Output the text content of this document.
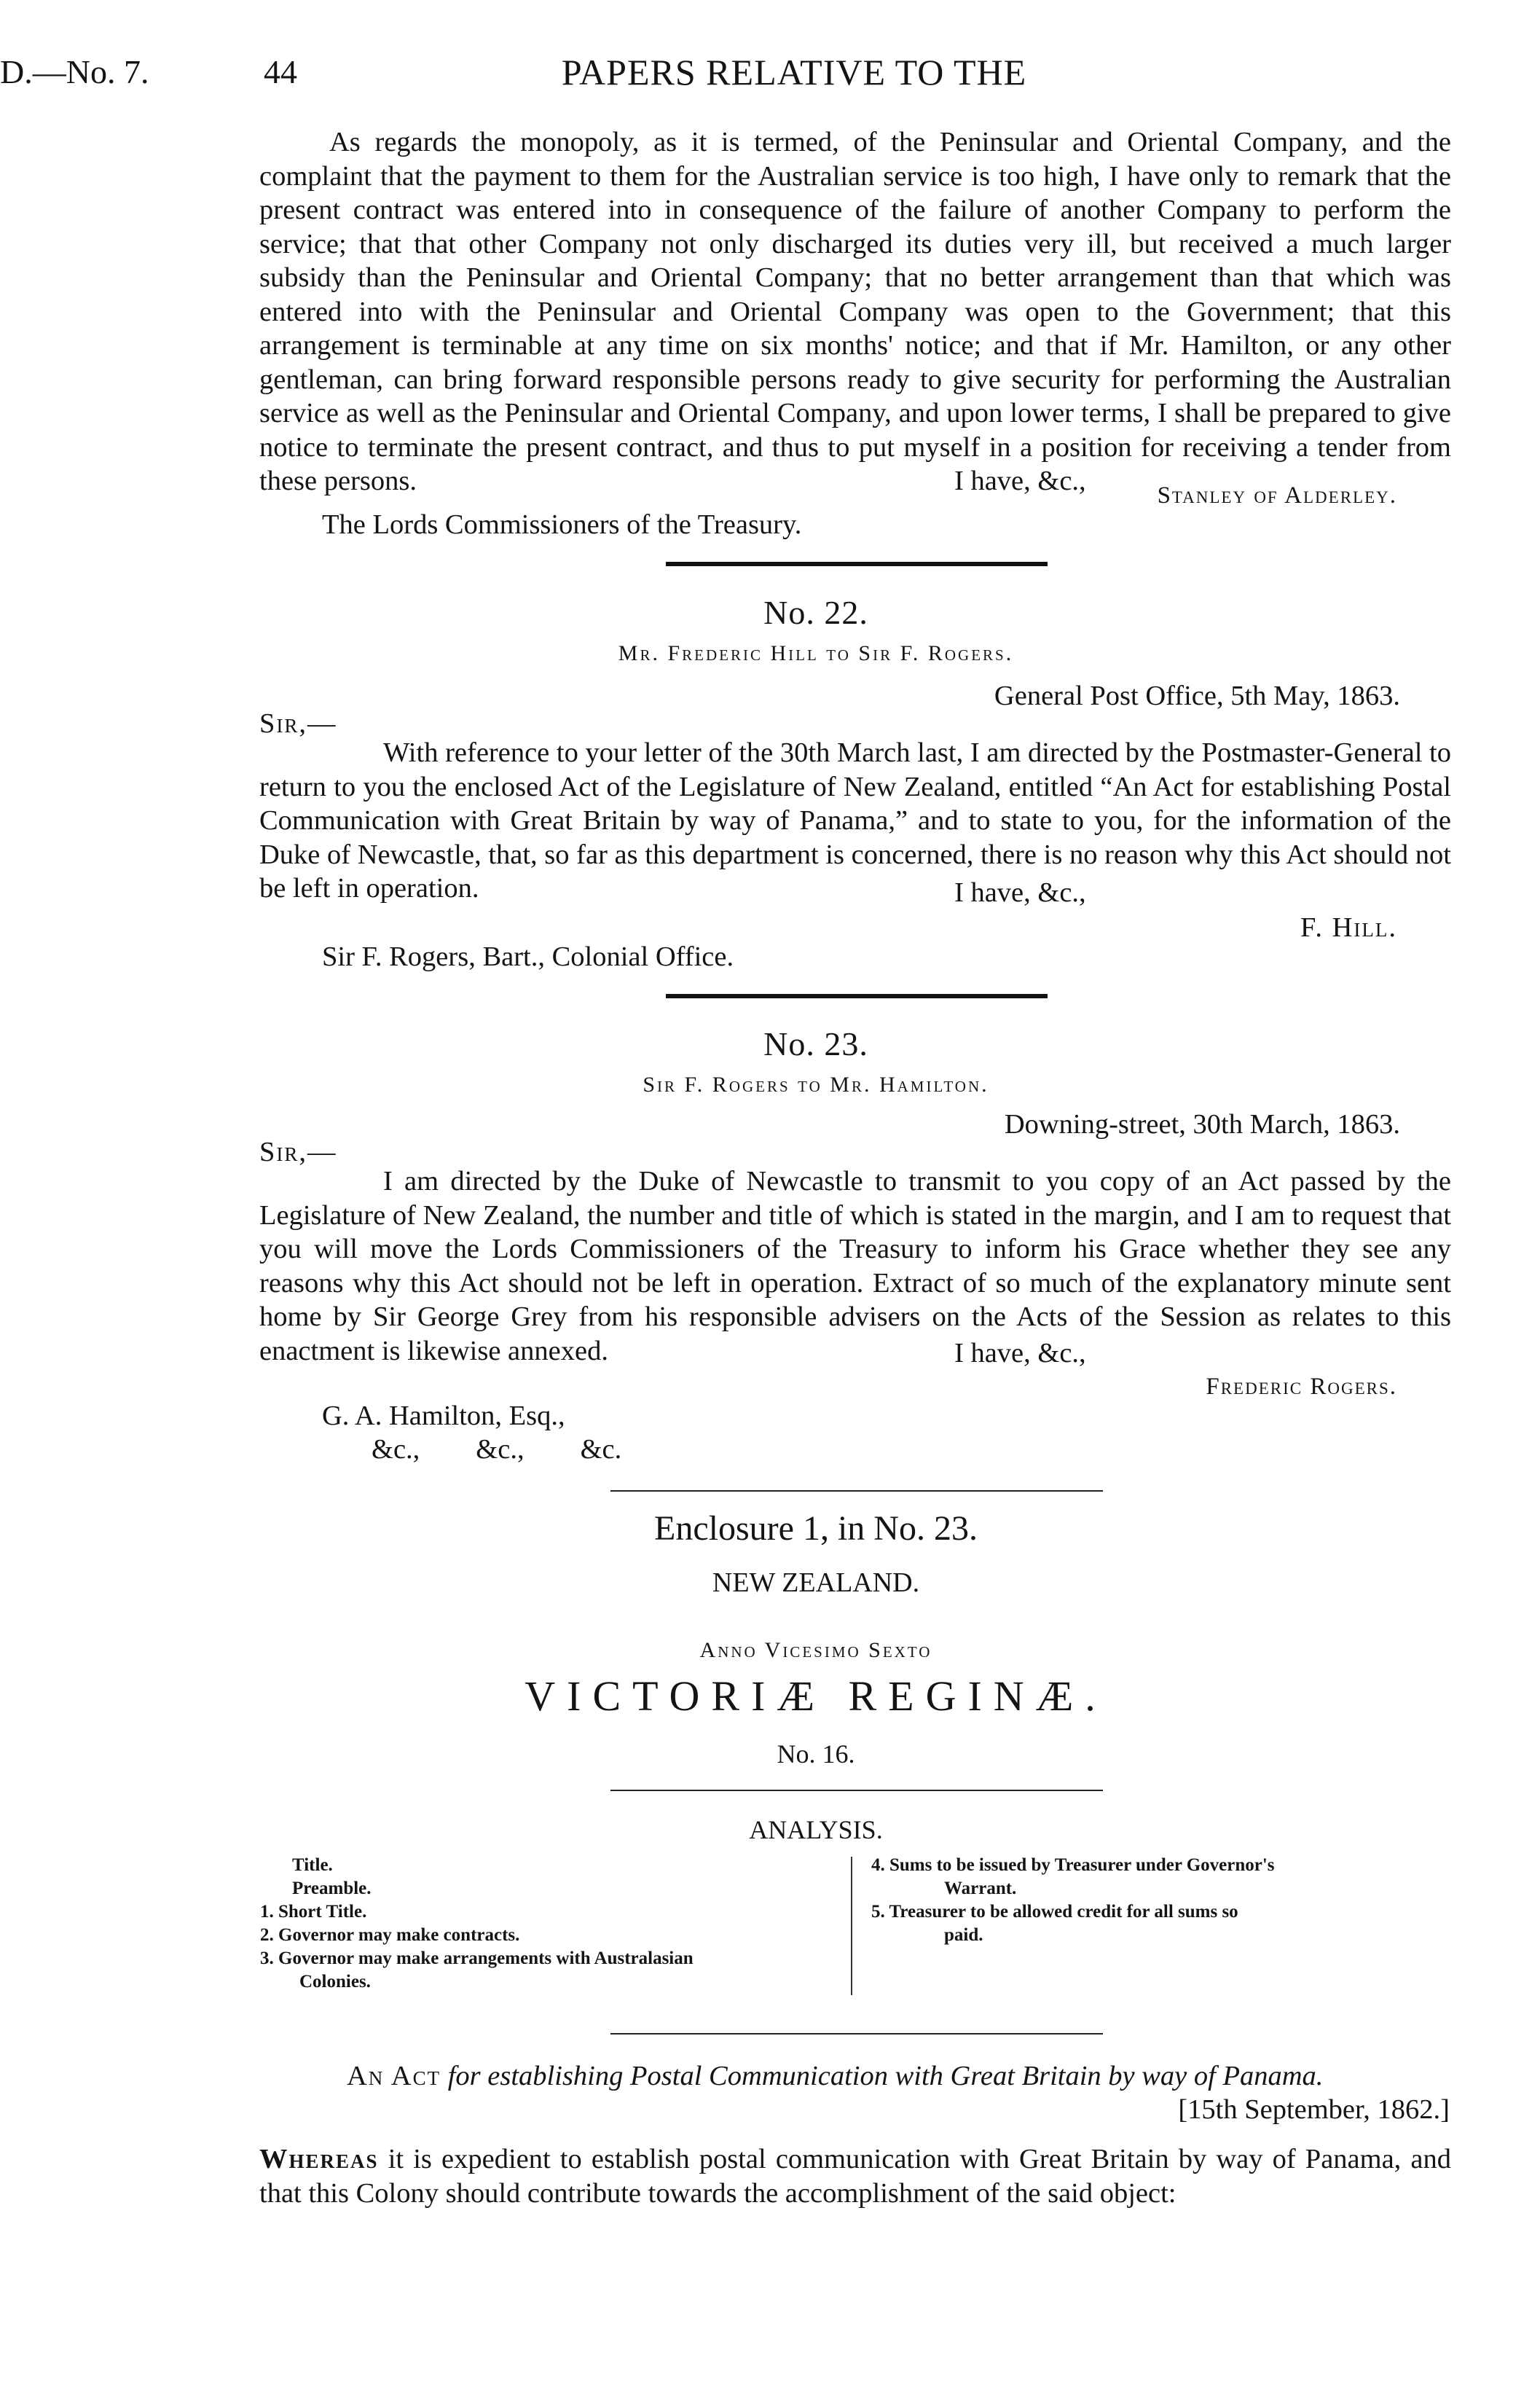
D.—No. 7.	44	PAPERS RELATIVE TO THE
As regards the monopoly, as it is termed, of the Peninsular and Oriental Company, and the complaint that the payment to them for the Australian service is too high, I have only to remark that the present contract was entered into in consequence of the failure of another Company to perform the service; that that other Company not only discharged its duties very ill, but received a much larger subsidy than the Peninsular and Oriental Company; that no better arrangement than that which was entered into with the Peninsular and Oriental Company was open to the Government; that this arrangement is terminable at any time on six months' notice; and that if Mr. Hamilton, or any other gentleman, can bring forward responsible persons ready to give security for performing the Australian service as well as the Peninsular and Oriental Company, and upon lower terms, I shall be prepared to give notice to terminate the present contract, and thus to put myself in a position for receiving a tender from these persons.	I have, &c.,	Stanley of Alderley.
The Lords Commissioners of the Treasury.
No. 22.
Mr. Frederic Hill to Sir F. Rogers.
General Post Office, 5th May, 1863.
Sir,—
With reference to your letter of the 30th March last, I am directed by the Postmaster-General to return to you the enclosed Act of the Legislature of New Zealand, entitled “An Act for establishing Postal Communication with Great Britain by way of Panama,” and to state to you, for the information of the Duke of Newcastle, that, so far as this department is concerned, there is no reason why this Act should not be left in operation.	I have, &c.,
F. Hill.
Sir F. Rogers, Bart., Colonial Office.
No. 23.
Sir F. Rogers to Mr. Hamilton.
Downing-street, 30th March, 1863.
Sir,—
I am directed by the Duke of Newcastle to transmit to you copy of an Act passed by the Legislature of New Zealand, the number and title of which is stated in the margin, and I am to request that you will move the Lords Commissioners of the Treasury to inform his Grace whether they see any reasons why this Act should not be left in operation. Extract of so much of the explanatory minute sent home by Sir George Grey from his responsible advisers on the Acts of the Session as relates to this enactment is likewise annexed.	I have, &c.,
Frederic Rogers.
G. A. Hamilton, Esq.,
&c.,        &c.,        &c.
Enclosure 1, in No. 23.
NEW ZEALAND.
Anno Vicesimo Sexto
VICTORIÆ REGINÆ.
No. 16.
ANALYSIS.
Title.
Preamble.
1. Short Title.
2. Governor may make contracts.
3. Governor may make arrangements with Australasian
Colonies.
4. Sums to be issued by Treasurer under Governor's
Warrant.
5. Treasurer to be allowed credit for all sums so
paid.
An Act for establishing Postal Communication with Great Britain by way of Panama.
[15th September, 1862.]
Whereas it is expedient to establish postal communication with Great Britain by way of Panama, and that this Colony should contribute towards the accomplishment of the said object:
